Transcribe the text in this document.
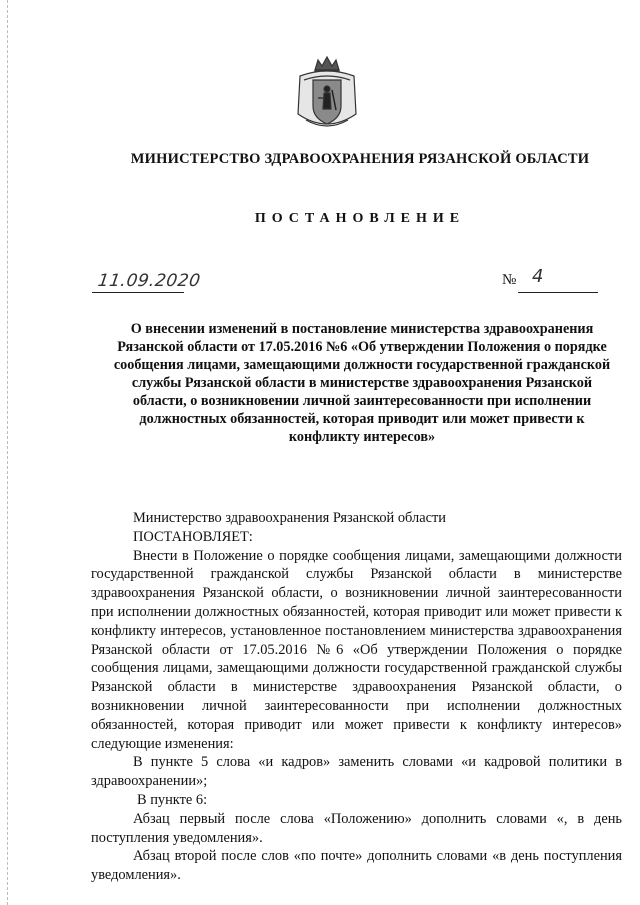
МИНИСТЕРСТВО ЗДРАВООХРАНЕНИЯ РЯЗАНСКОЙ ОБЛАСТИ
ПОСТАНОВЛЕНИЕ
11.09.2020	№ 4
О внесении изменений в постановление министерства здравоохранения Рязанской области от 17.05.2016 №6 «Об утверждении Положения о порядке сообщения лицами, замещающими должности государственной гражданской службы Рязанской области в министерстве здравоохранения Рязанской области, о возникновении личной заинтересованности при исполнении должностных обязанностей, которая приводит или может привести к конфликту интересов»

Министерство здравоохранения Рязанской области

ПОСТАНОВЛЯЕТ:

Внести в Положение о порядке сообщения лицами, замещающими должности государственной гражданской службы Рязанской области в министерстве здравоохранения Рязанской области, о возникновении личной заинтересованности при исполнении должностных обязанностей, которая приводит или может привести к конфликту интересов, установленное постановлением министерства здравоохранения Рязанской области от 17.05.2016 №6 «Об утверждении Положения о порядке сообщения лицами, замещающими должности государственной гражданской службы Рязанской области в министерстве здравоохранения Рязанской области, о возникновении личной заинтересованности при исполнении должностных обязанностей, которая приводит или может привести к конфликту интересов» следующие изменения:

В пункте 5 слова «и кадров» заменить словами «и кадровой политики в здравоохранении»;

В пункте 6:

Абзац первый после слова «Положению» дополнить словами «, в день поступления уведомления».

Абзац второй после слов «по почте» дополнить словами «в день поступления уведомления».
